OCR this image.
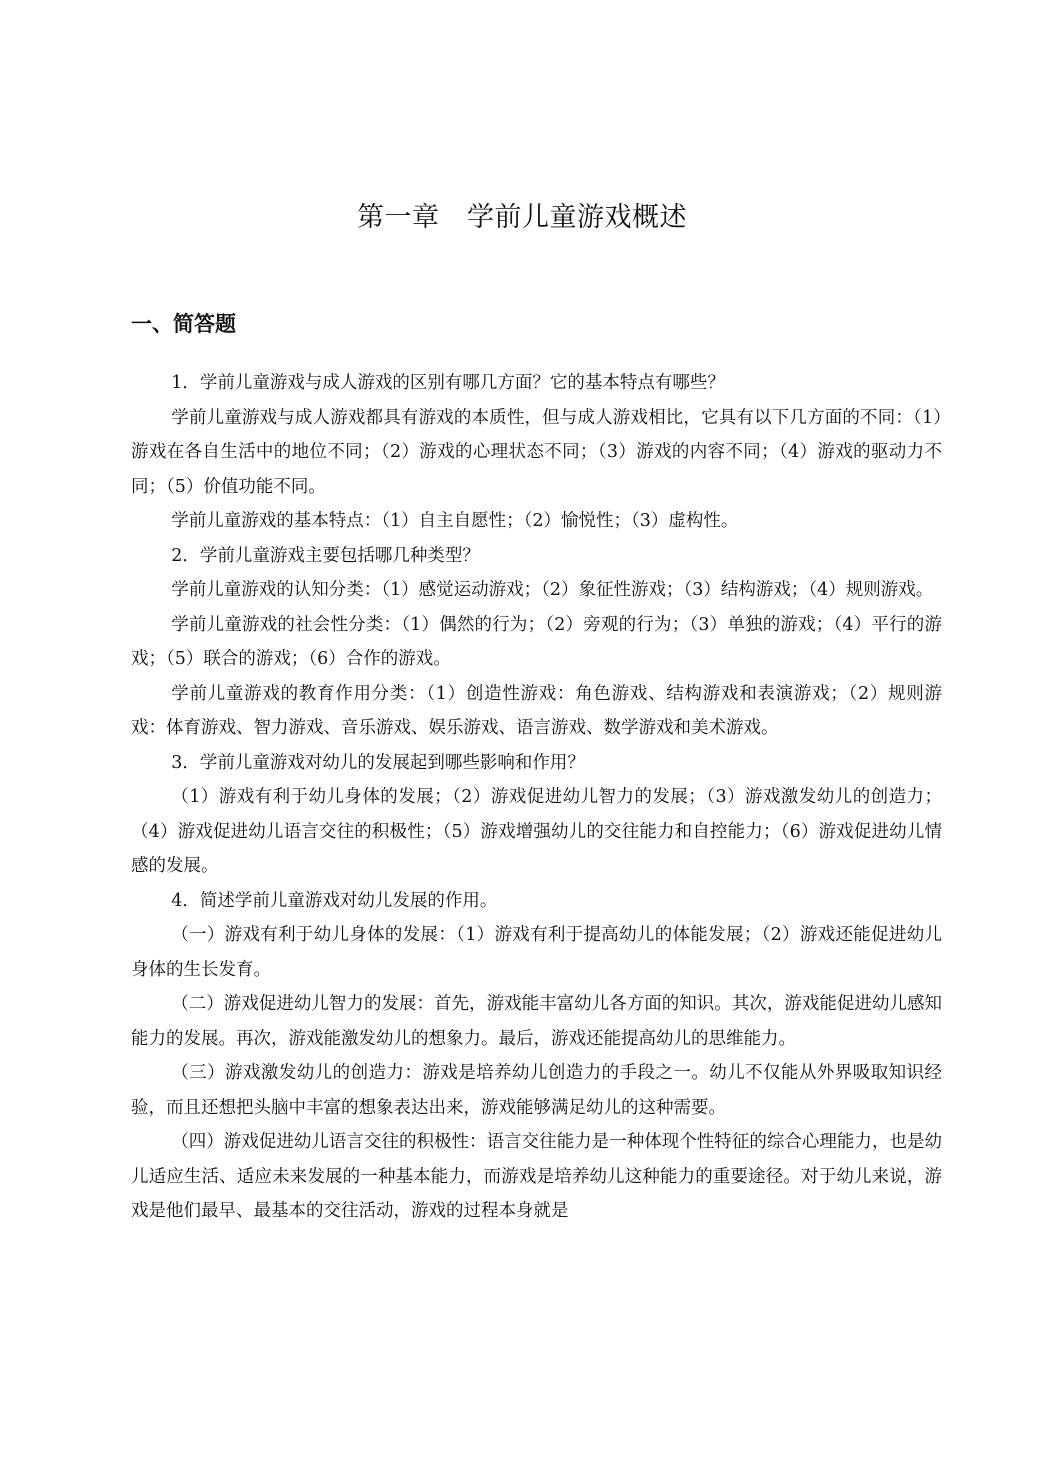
第一章　学前儿童游戏概述
一、简答题

1．学前儿童游戏与成人游戏的区别有哪几方面？它的基本特点有哪些？

学前儿童游戏与成人游戏都具有游戏的本质性，但与成人游戏相比，它具有以下几方面的不同：（1）游戏在各自生活中的地位不同；（2）游戏的心理状态不同；（3）游戏的内容不同；（4）游戏的驱动力不同；（5）价值功能不同。

学前儿童游戏的基本特点：（1）自主自愿性；（2）愉悦性；（3）虚构性。

2．学前儿童游戏主要包括哪几种类型？

学前儿童游戏的认知分类：（1）感觉运动游戏；（2）象征性游戏；（3）结构游戏；（4）规则游戏。

学前儿童游戏的社会性分类：（1）偶然的行为；（2）旁观的行为；（3）单独的游戏；（4）平行的游戏；（5）联合的游戏；（6）合作的游戏。

学前儿童游戏的教育作用分类：（1）创造性游戏：角色游戏、结构游戏和表演游戏；（2）规则游戏：体育游戏、智力游戏、音乐游戏、娱乐游戏、语言游戏、数学游戏和美术游戏。

3．学前儿童游戏对幼儿的发展起到哪些影响和作用？

（1）游戏有利于幼儿身体的发展；（2）游戏促进幼儿智力的发展；（3）游戏激发幼儿的创造力；（4）游戏促进幼儿语言交往的积极性；（5）游戏增强幼儿的交往能力和自控能力；（6）游戏促进幼儿情感的发展。

4．简述学前儿童游戏对幼儿发展的作用。

（一）游戏有利于幼儿身体的发展：（1）游戏有利于提高幼儿的体能发展；（2）游戏还能促进幼儿身体的生长发育。

（二）游戏促进幼儿智力的发展：首先，游戏能丰富幼儿各方面的知识。其次，游戏能促进幼儿感知能力的发展。再次，游戏能激发幼儿的想象力。最后，游戏还能提高幼儿的思维能力。

（三）游戏激发幼儿的创造力：游戏是培养幼儿创造力的手段之一。幼儿不仅能从外界吸取知识经验，而且还想把头脑中丰富的想象表达出来，游戏能够满足幼儿的这种需要。

（四）游戏促进幼儿语言交往的积极性：语言交往能力是一种体现个性特征的综合心理能力，也是幼儿适应生活、适应未来发展的一种基本能力，而游戏是培养幼儿这种能力的重要途径。对于幼儿来说，游戏是他们最早、最基本的交往活动，游戏的过程本身就是
